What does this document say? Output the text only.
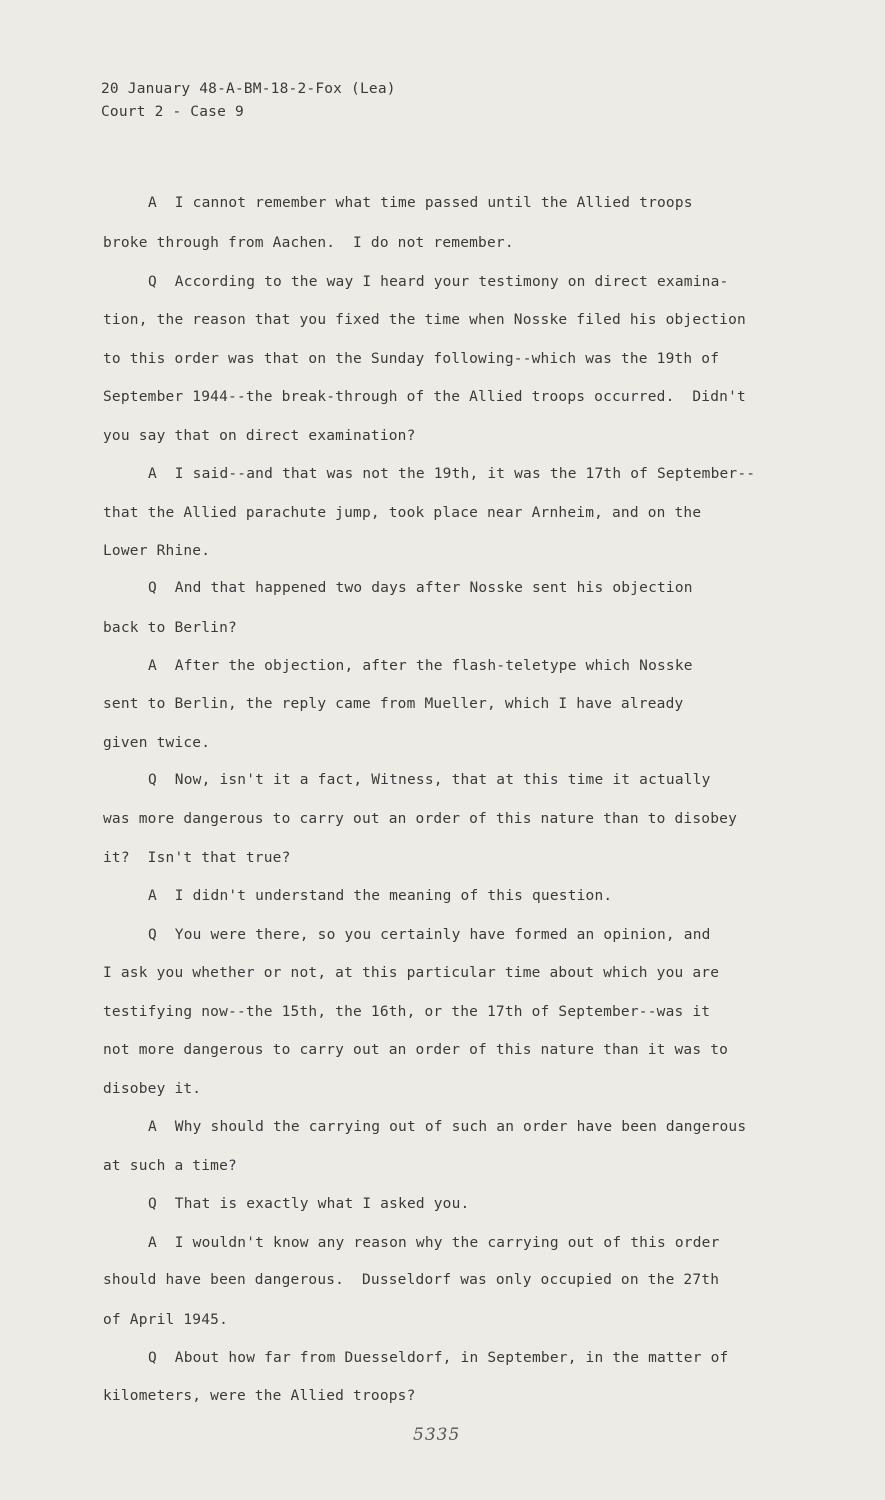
20 January 48-A-BM-18-2-Fox (Lea)
Court 2 - Case 9
A  I cannot remember what time passed until the Allied troops
broke through from Aachen.  I do not remember.
Q  According to the way I heard your testimony on direct examina-
tion, the reason that you fixed the time when Nosske filed his objection
to this order was that on the Sunday following--which was the 19th of
September 1944--the break-through of the Allied troops occurred.  Didn't
you say that on direct examination?
A  I said--and that was not the 19th, it was the 17th of September--
that the Allied parachute jump, took place near Arnheim, and on the
Lower Rhine.
Q  And that happened two days after Nosske sent his objection
back to Berlin?
A  After the objection, after the flash-teletype which Nosske
sent to Berlin, the reply came from Mueller, which I have already
given twice.
Q  Now, isn't it a fact, Witness, that at this time it actually
was more dangerous to carry out an order of this nature than to disobey
it?  Isn't that true?
A  I didn't understand the meaning of this question.
Q  You were there, so you certainly have formed an opinion, and
I ask you whether or not, at this particular time about which you are
testifying now--the 15th, the 16th, or the 17th of September--was it
not more dangerous to carry out an order of this nature than it was to
disobey it.
A  Why should the carrying out of such an order have been dangerous
at such a time?
Q  That is exactly what I asked you.
A  I wouldn't know any reason why the carrying out of this order
should have been dangerous.  Dusseldorf was only occupied on the 27th
of April 1945.
Q  About how far from Duesseldorf, in September, in the matter of
kilometers, were the Allied troops?
5335
